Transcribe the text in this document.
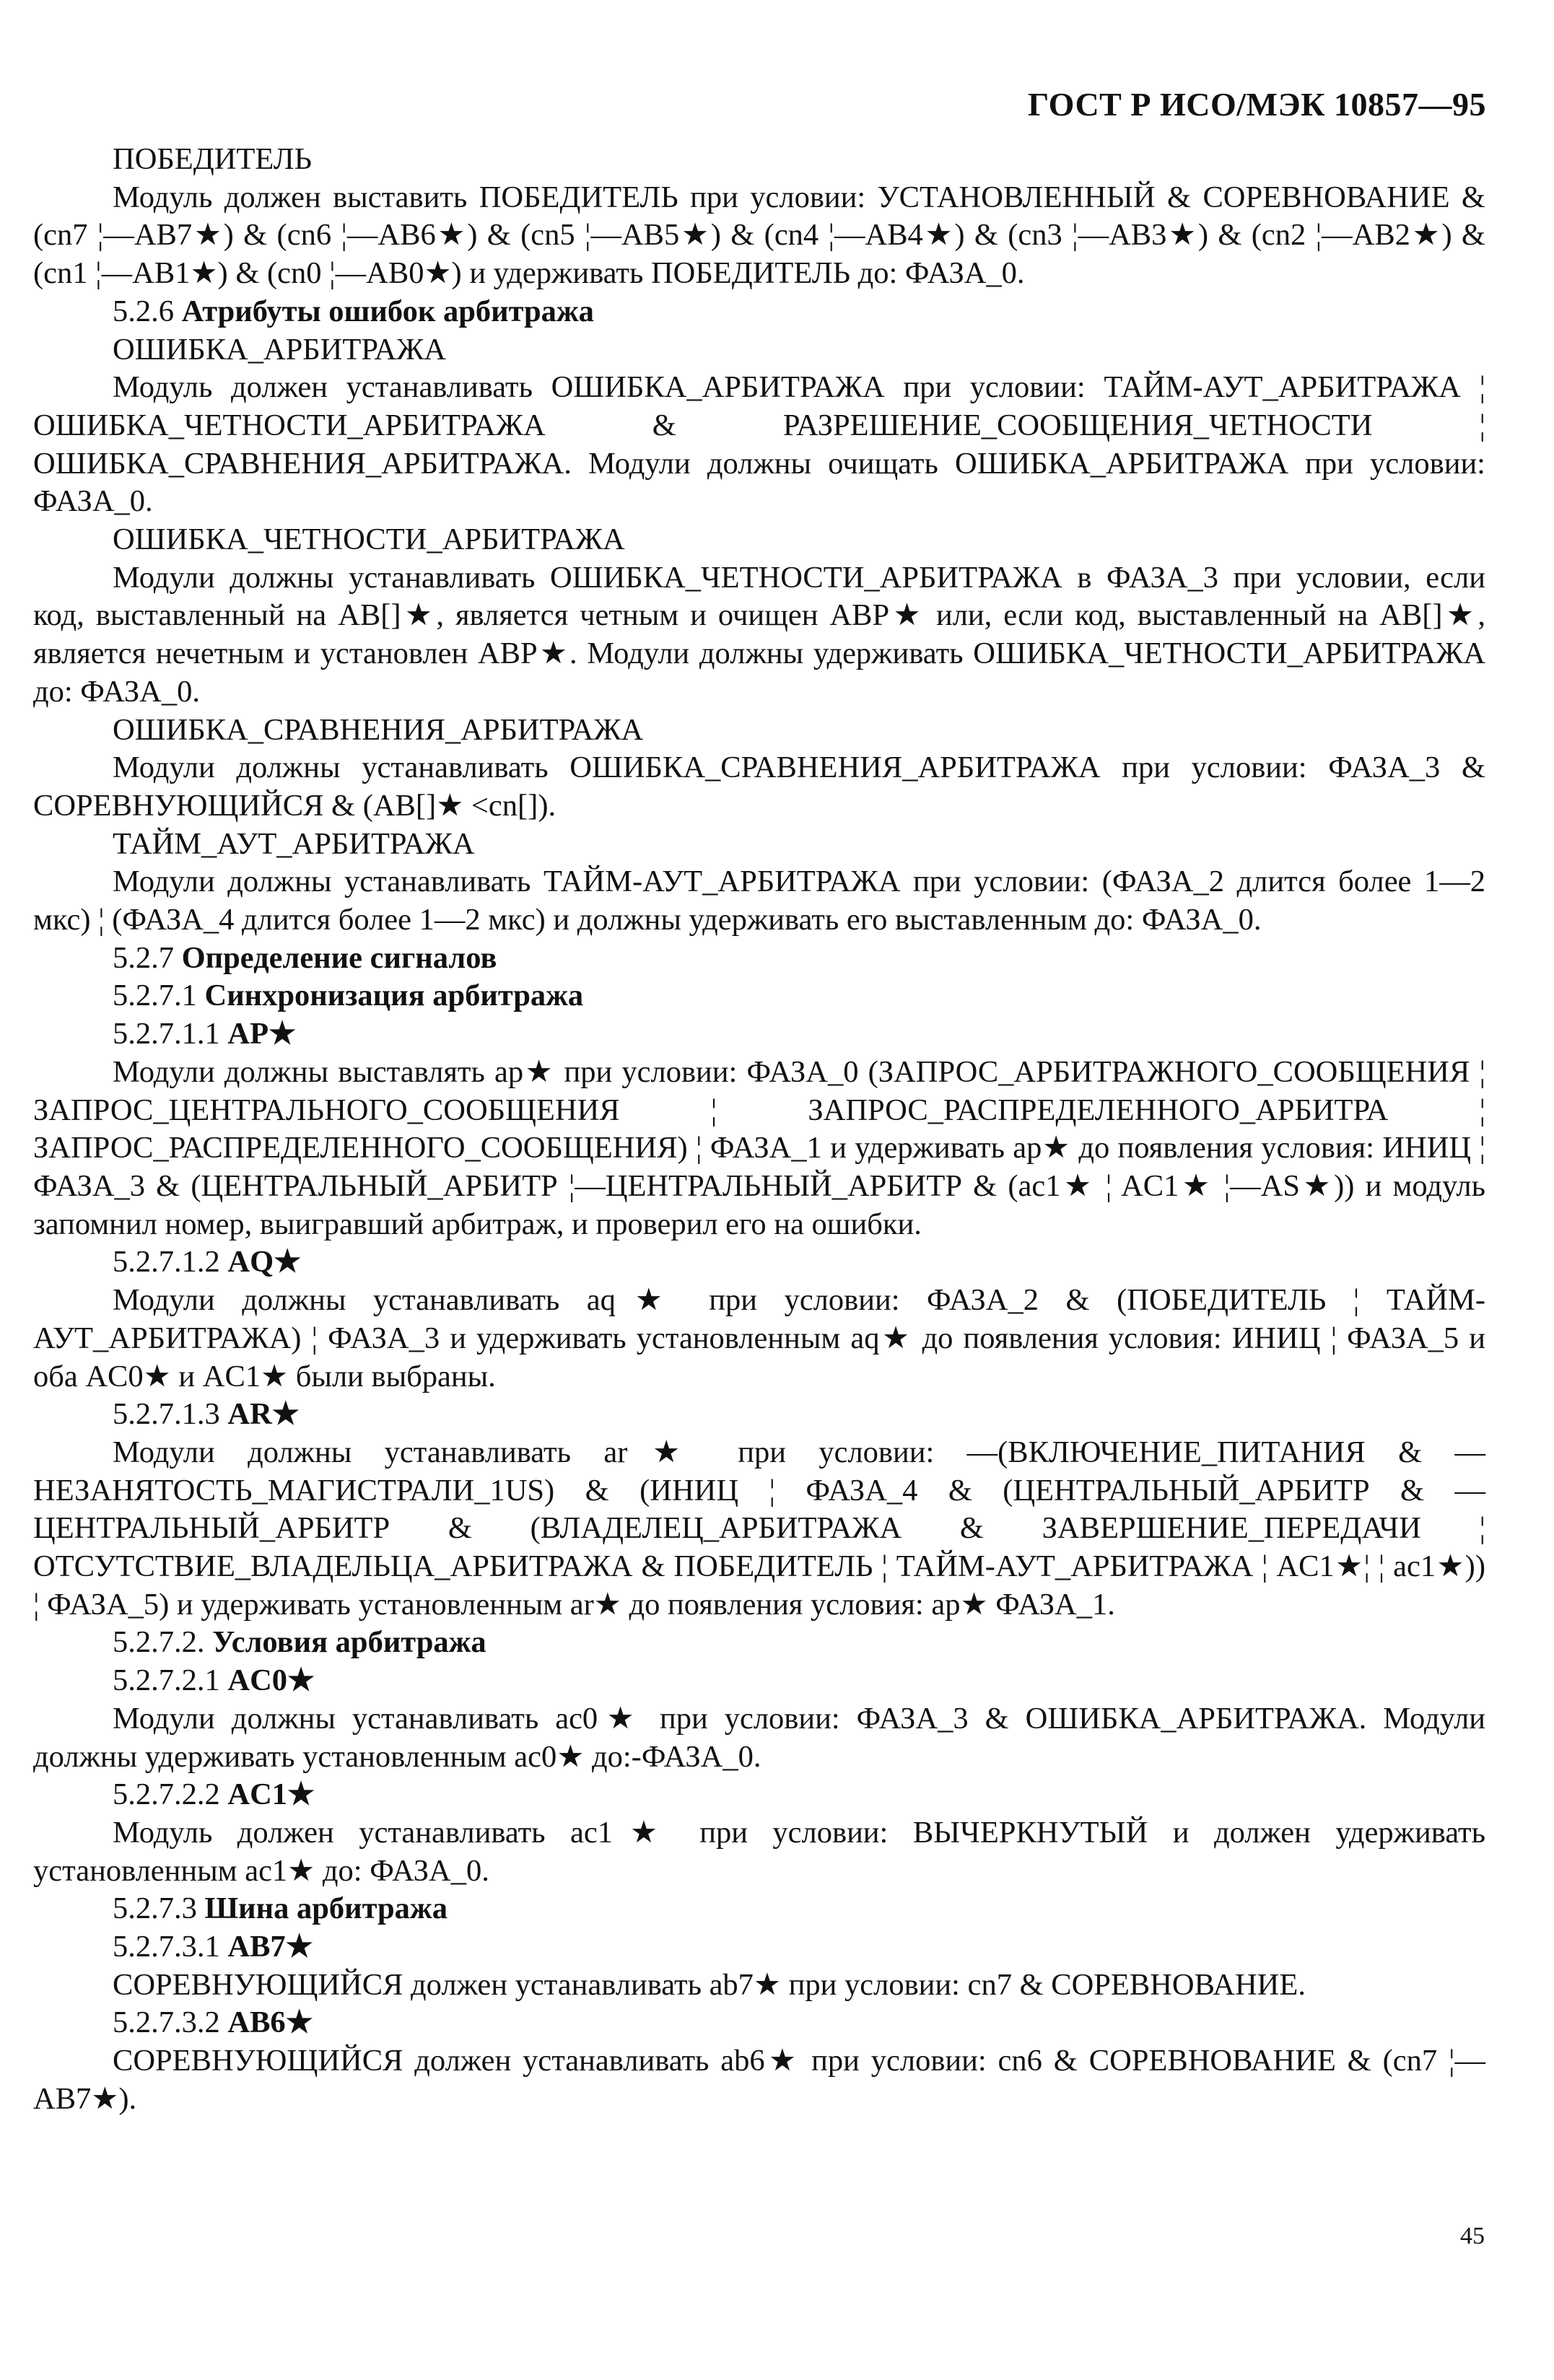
ГОСТ Р ИСО/МЭК 10857—95

ПОБЕДИТЕЛЬ

Модуль должен выставить ПОБЕДИТЕЛЬ при условии: УСТАНОВЛЕННЫЙ & СОРЕВНОВАНИЕ & (cn7 ¦—AB7★) & (cn6 ¦—AB6★) & (cn5 ¦—AB5★) & (cn4 ¦—AB4★) & (cn3 ¦—AB3★) & (cn2 ¦—AB2★) & (cn1 ¦—AB1★) & (cn0 ¦—AB0★) и удерживать ПОБЕДИТЕЛЬ до: ФАЗА_0.

5.2.6 Атрибуты ошибок арбитража

ОШИБКА_АРБИТРАЖА

Модуль должен устанавливать ОШИБКА_АРБИТРАЖА при условии: ТАЙМ-АУТ_АРБИТРАЖА ¦ ОШИБКА_ЧЕТНОСТИ_АРБИТРАЖА & РАЗРЕШЕНИЕ_СООБЩЕНИЯ_ЧЕТНОСТИ ¦ ОШИБКА_СРАВНЕНИЯ_АРБИТРАЖА. Модули должны очищать ОШИБКА_АРБИТРАЖА при условии: ФАЗА_0.

ОШИБКА_ЧЕТНОСТИ_АРБИТРАЖА

Модули должны устанавливать ОШИБКА_ЧЕТНОСТИ_АРБИТРАЖА в ФАЗА_3 при условии, если код, выставленный на AB[]★, является четным и очищен ABP★ или, если код, выставленный на AB[]★, является нечетным и установлен ABP★. Модули должны удерживать ОШИБКА_ЧЕТНОСТИ_АРБИТРАЖА до: ФАЗА_0.

ОШИБКА_СРАВНЕНИЯ_АРБИТРАЖА

Модули должны устанавливать ОШИБКА_СРАВНЕНИЯ_АРБИТРАЖА при условии: ФАЗА_3 & СОРЕВНУЮЩИЙСЯ & (AB[]★ <cn[]).

ТАЙМ_АУТ_АРБИТРАЖА

Модули должны устанавливать ТАЙМ-АУТ_АРБИТРАЖА при условии: (ФАЗА_2 длится более 1—2 мкс) ¦ (ФАЗА_4 длится более 1—2 мкс) и должны удерживать его выставленным до: ФАЗА_0.

5.2.7 Определение сигналов

5.2.7.1 Синхронизация арбитража

5.2.7.1.1 AP★

Модули должны выставлять ap★ при условии: ФАЗА_0 (ЗАПРОС_АРБИТРАЖНОГО_СООБЩЕНИЯ ¦ ЗАПРОС_ЦЕНТРАЛЬНОГО_СООБЩЕНИЯ ¦ ЗАПРОС_РАСПРЕДЕЛЕННОГО_АРБИТРА ¦ ЗАПРОС_РАСПРЕДЕЛЕННОГО_СООБЩЕНИЯ) ¦ ФАЗА_1 и удерживать ap★ до появления условия: ИНИЦ ¦ ФАЗА_3 & (ЦЕНТРАЛЬНЫЙ_АРБИТР ¦—ЦЕНТРАЛЬНЫЙ_АРБИТР & (ac1★ ¦ AC1★ ¦—AS★)) и модуль запомнил номер, выигравший арбитраж, и проверил его на ошибки.

5.2.7.1.2 AQ★

Модули должны устанавливать aq★ при условии: ФАЗА_2 & (ПОБЕДИТЕЛЬ ¦ ТАЙМ-АУТ_АРБИТРАЖА) ¦ ФАЗА_3 и удерживать установленным aq★ до появления условия: ИНИЦ ¦ ФАЗА_5 и оба AC0★ и AC1★ были выбраны.

5.2.7.1.3 AR★

Модули должны устанавливать ar★ при условии: —(ВКЛЮЧЕНИЕ_ПИТАНИЯ & —НЕЗАНЯТОСТЬ_МАГИСТРАЛИ_1US) & (ИНИЦ ¦ ФАЗА_4 & (ЦЕНТРАЛЬНЫЙ_АРБИТР & —ЦЕНТРАЛЬНЫЙ_АРБИТР & (ВЛАДЕЛЕЦ_АРБИТРАЖА & ЗАВЕРШЕНИЕ_ПЕРЕДАЧИ ¦ ОТСУТСТВИЕ_ВЛАДЕЛЬЦА_АРБИТРАЖА & ПОБЕДИТЕЛЬ ¦ ТАЙМ-АУТ_АРБИТРАЖА ¦ AC1★¦ ¦ ac1★)) ¦ ФАЗА_5) и удерживать установленным ar★ до появления условия: ap★ ФАЗА_1.

5.2.7.2. Условия арбитража

5.2.7.2.1 AC0★

Модули должны устанавливать ac0★ при условии: ФАЗА_3 & ОШИБКА_АРБИТРАЖА. Модули должны удерживать установленным ac0★ до:-ФАЗА_0.

5.2.7.2.2 AC1★

Модуль должен устанавливать ac1★ при условии: ВЫЧЕРКНУТЫЙ и должен удерживать установленным ac1★ до: ФАЗА_0.

5.2.7.3 Шина арбитража

5.2.7.3.1 AB7★

СОРЕВНУЮЩИЙСЯ должен устанавливать ab7★ при условии: cn7 & СОРЕВНОВАНИЕ.

5.2.7.3.2 AB6★

СОРЕВНУЮЩИЙСЯ должен устанавливать ab6★ при условии: cn6 & СОРЕВНОВАНИЕ & (cn7 ¦—AB7★).

45
